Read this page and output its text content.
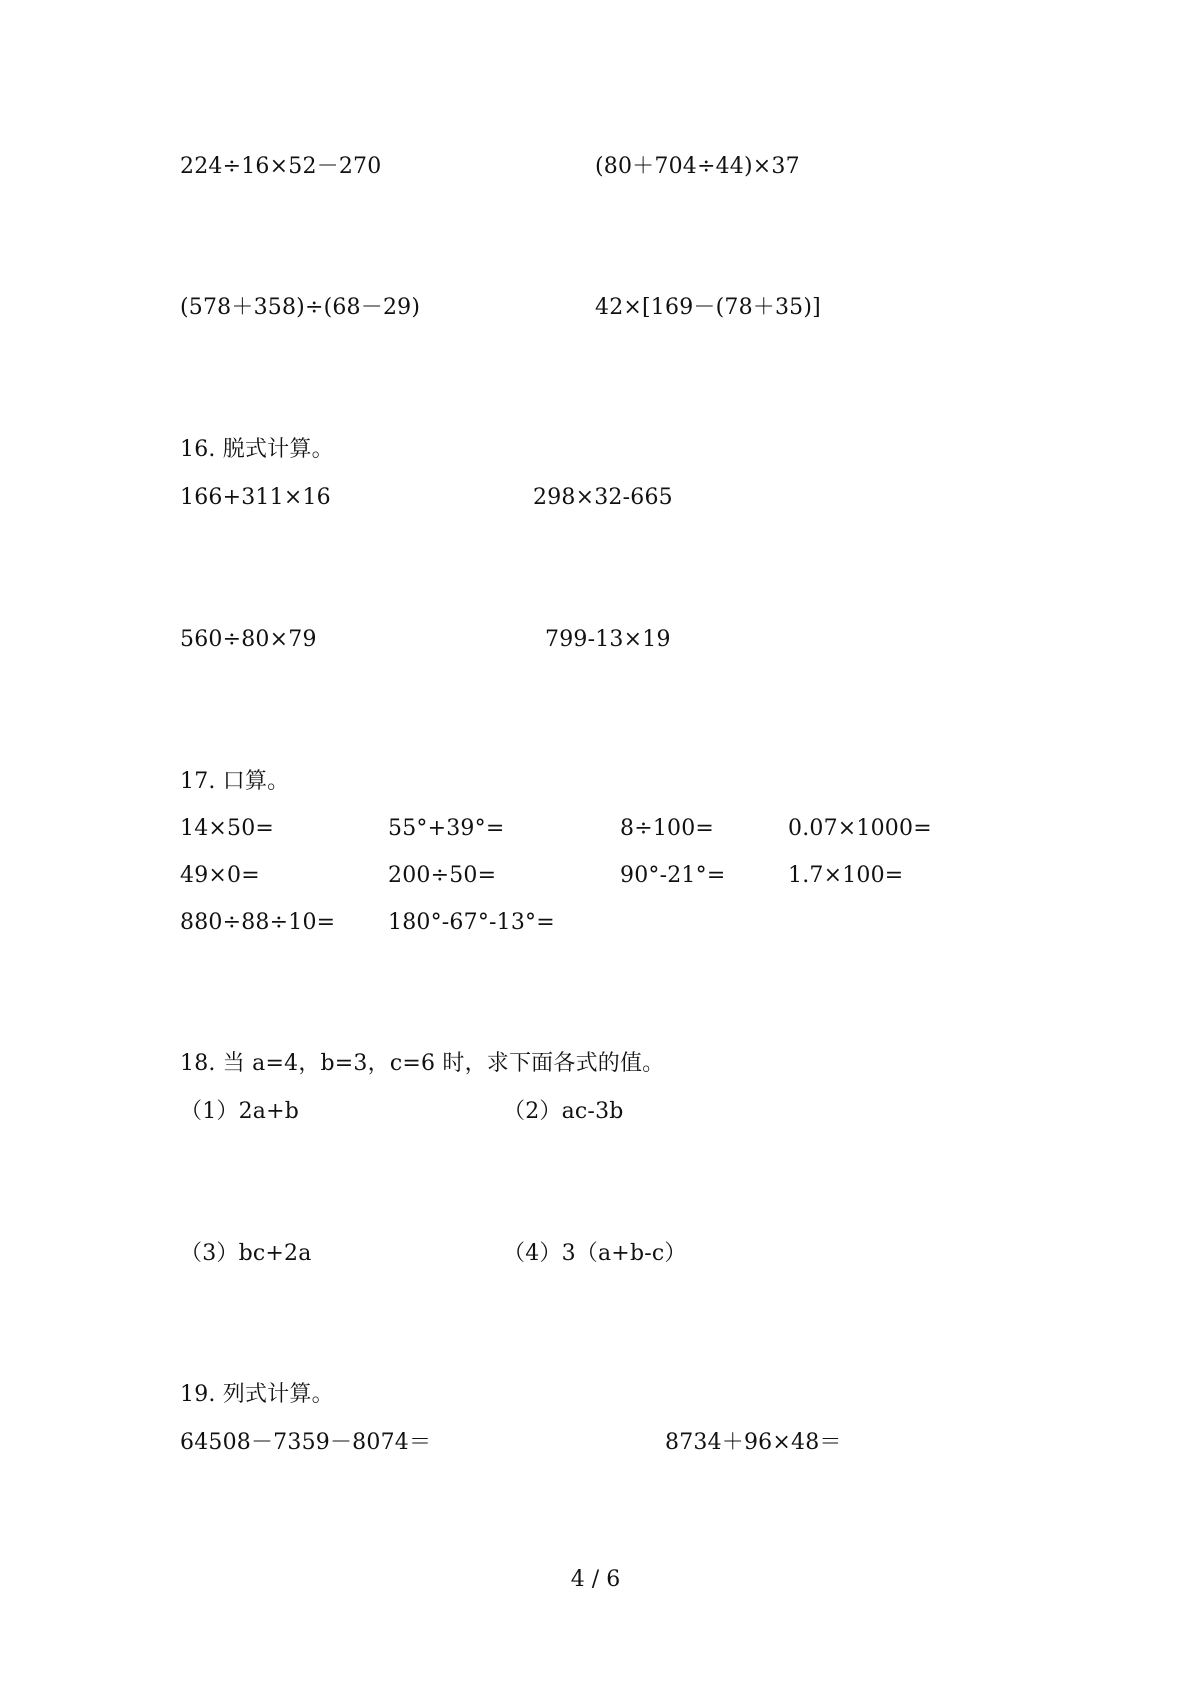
224÷16×52－270	(80＋704÷44)×37
(578＋358)÷(68－29)	42×[169－(78＋35)]
16. 脱式计算。
166+311×16	298×32-665
560÷80×79	799-13×19
17. 口算。
14×50=	55°+39°=	8÷100=	0.07×1000=
49×0=	200÷50=	90°-21°=	1.7×100=
880÷88÷10= 180°-67°-13°=
18. 当 a=4，b=3，c=6 时，求下面各式的值。
（1）2a+b	（2）ac-3b
（3）bc+2a	（4）3（a+b-c）
19. 列式计算。
64508－7359－8074＝	8734＋96×48＝
4 / 6
